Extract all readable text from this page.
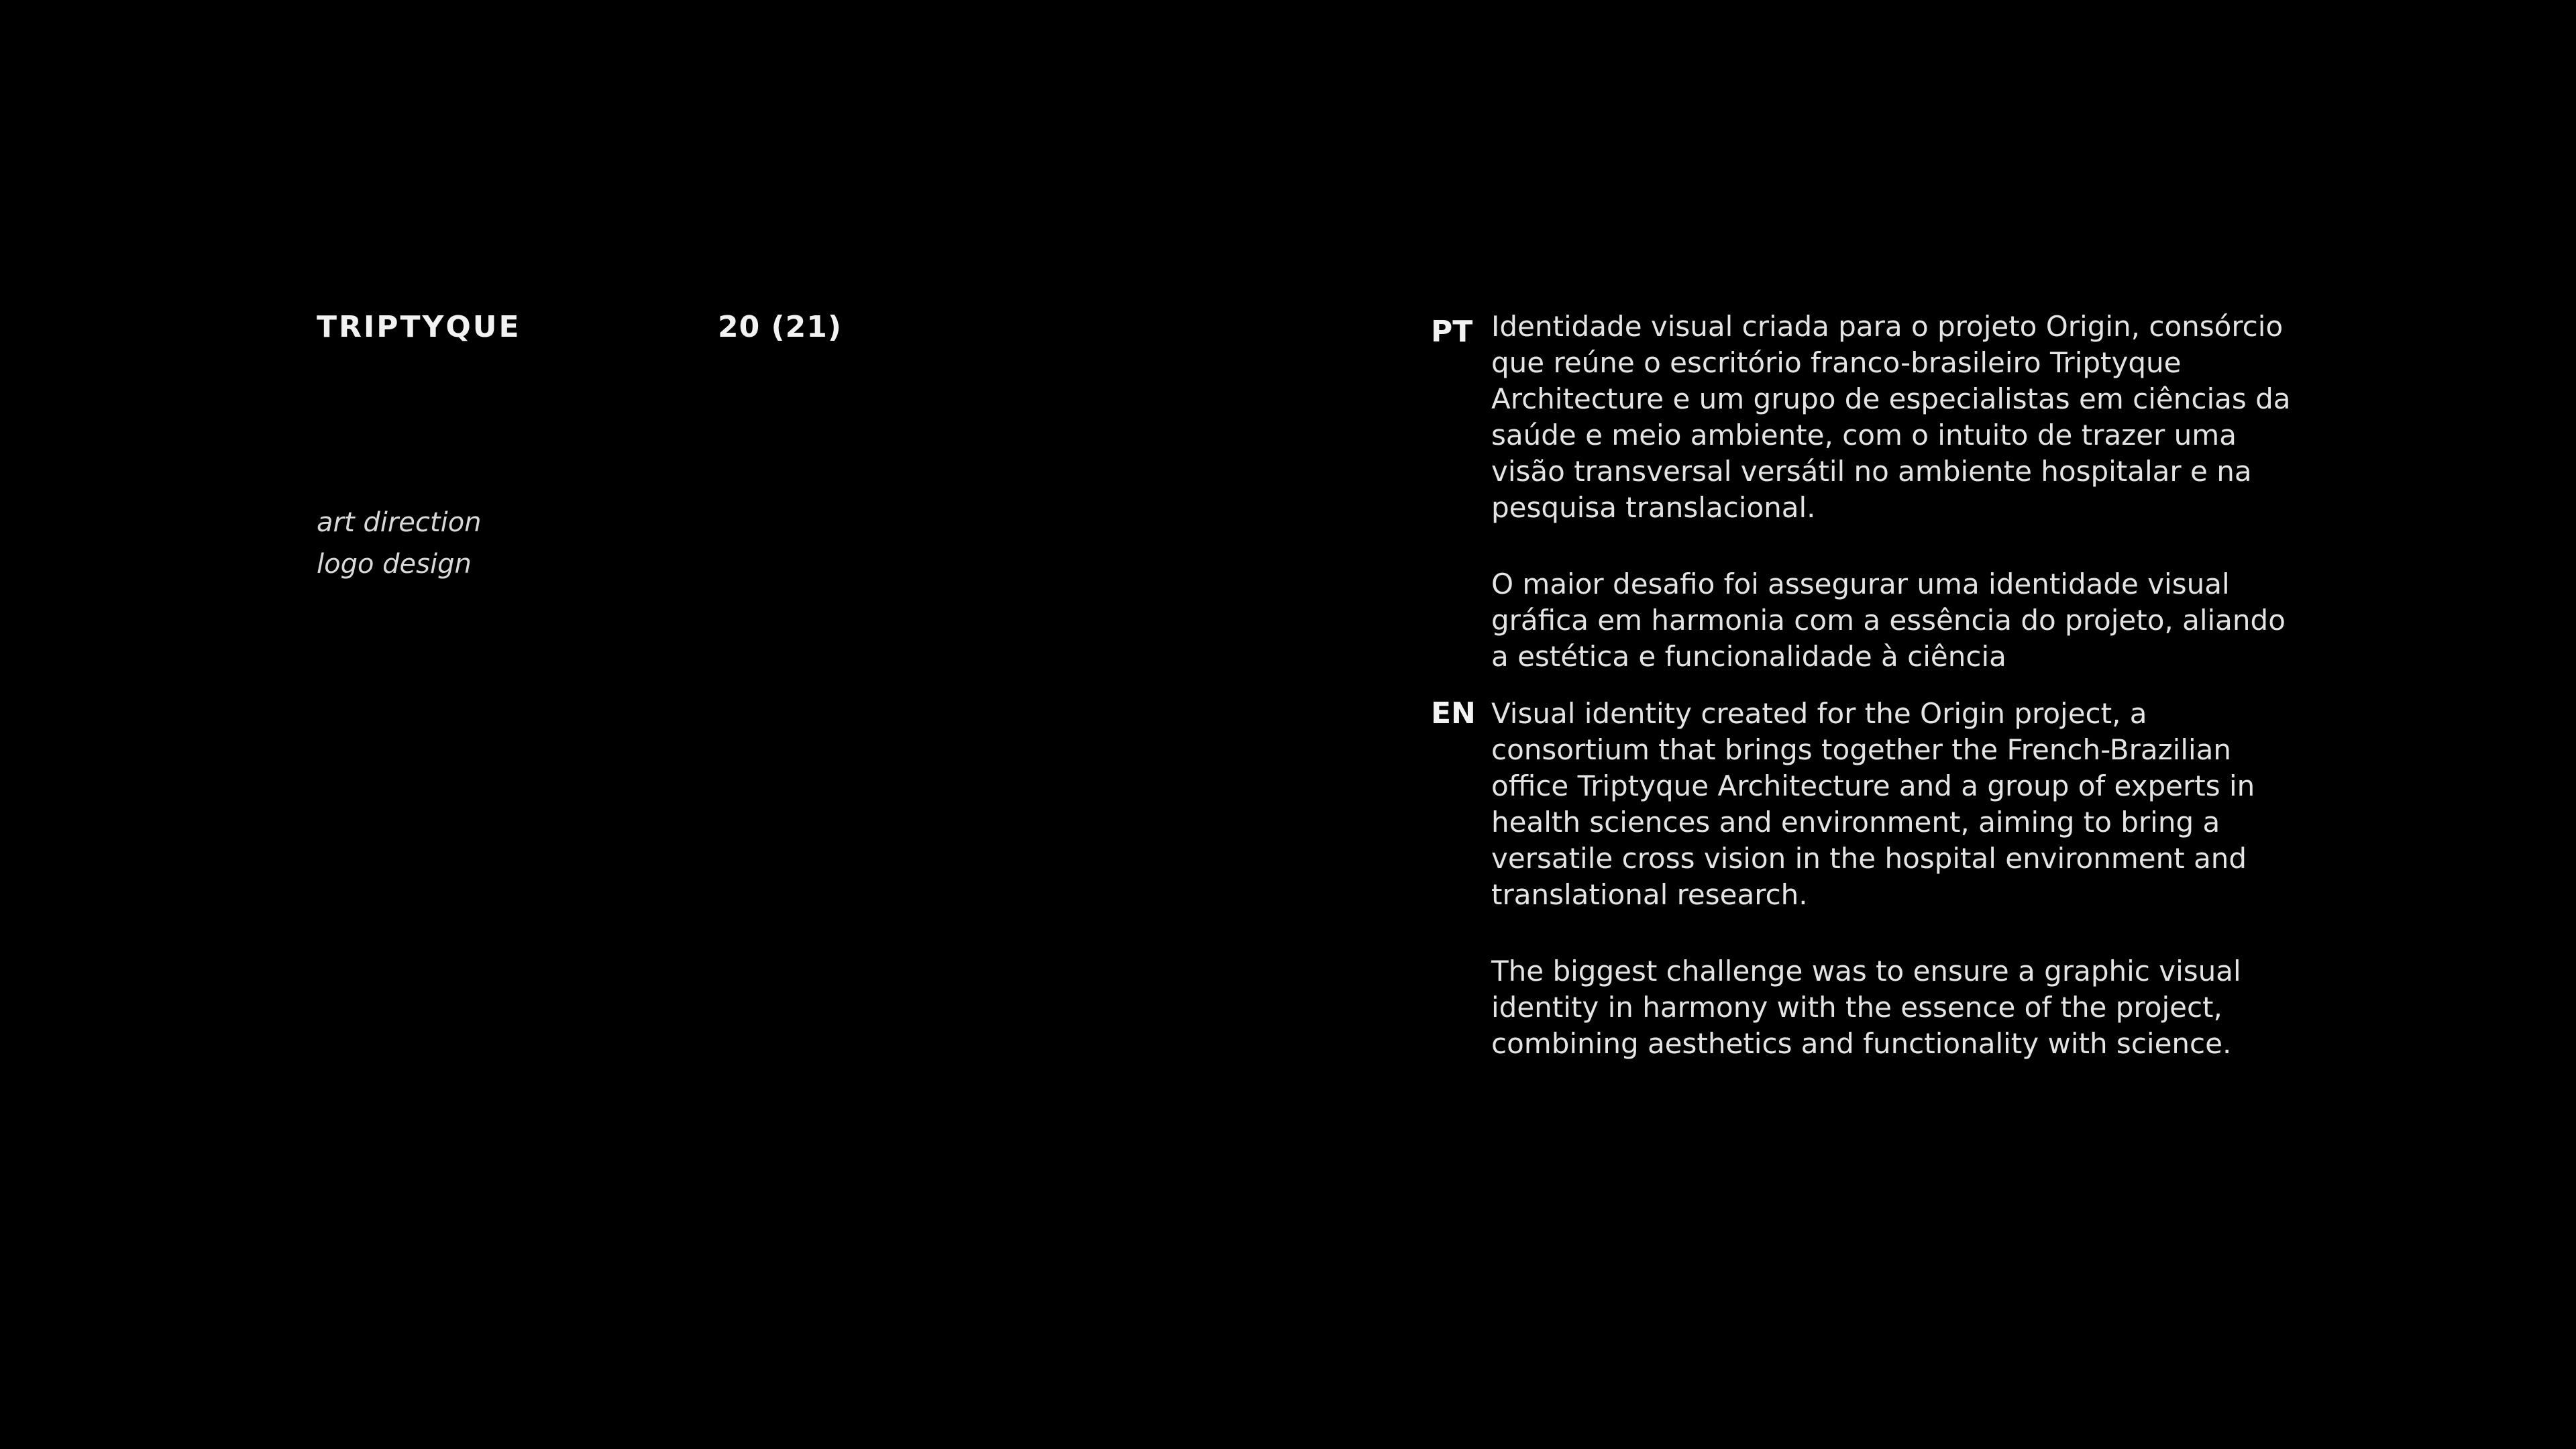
TRIPTYQUE	20 (21)
art direction
logo design
PT Identidade visual criada para o projeto Origin, consórcio que reúne o escritório franco-brasileiro Triptyque Architecture e um grupo de especialistas em ciências da saúde e meio ambiente, com o intuito de trazer uma visão transversal versátil no ambiente hospitalar e na pesquisa translacional.

O maior desafio foi assegurar uma identidade visual gráfica em harmonia com a essência do projeto, aliando a estética e funcionalidade à ciência

EN Visual identity created for the Origin project, a consortium that brings together the French-Brazilian office Triptyque Architecture and a group of experts in health sciences and environment, aiming to bring a versatile cross vision in the hospital environment and translational research.

The biggest challenge was to ensure a graphic visual identity in harmony with the essence of the project, combining aesthetics and functionality with science.
